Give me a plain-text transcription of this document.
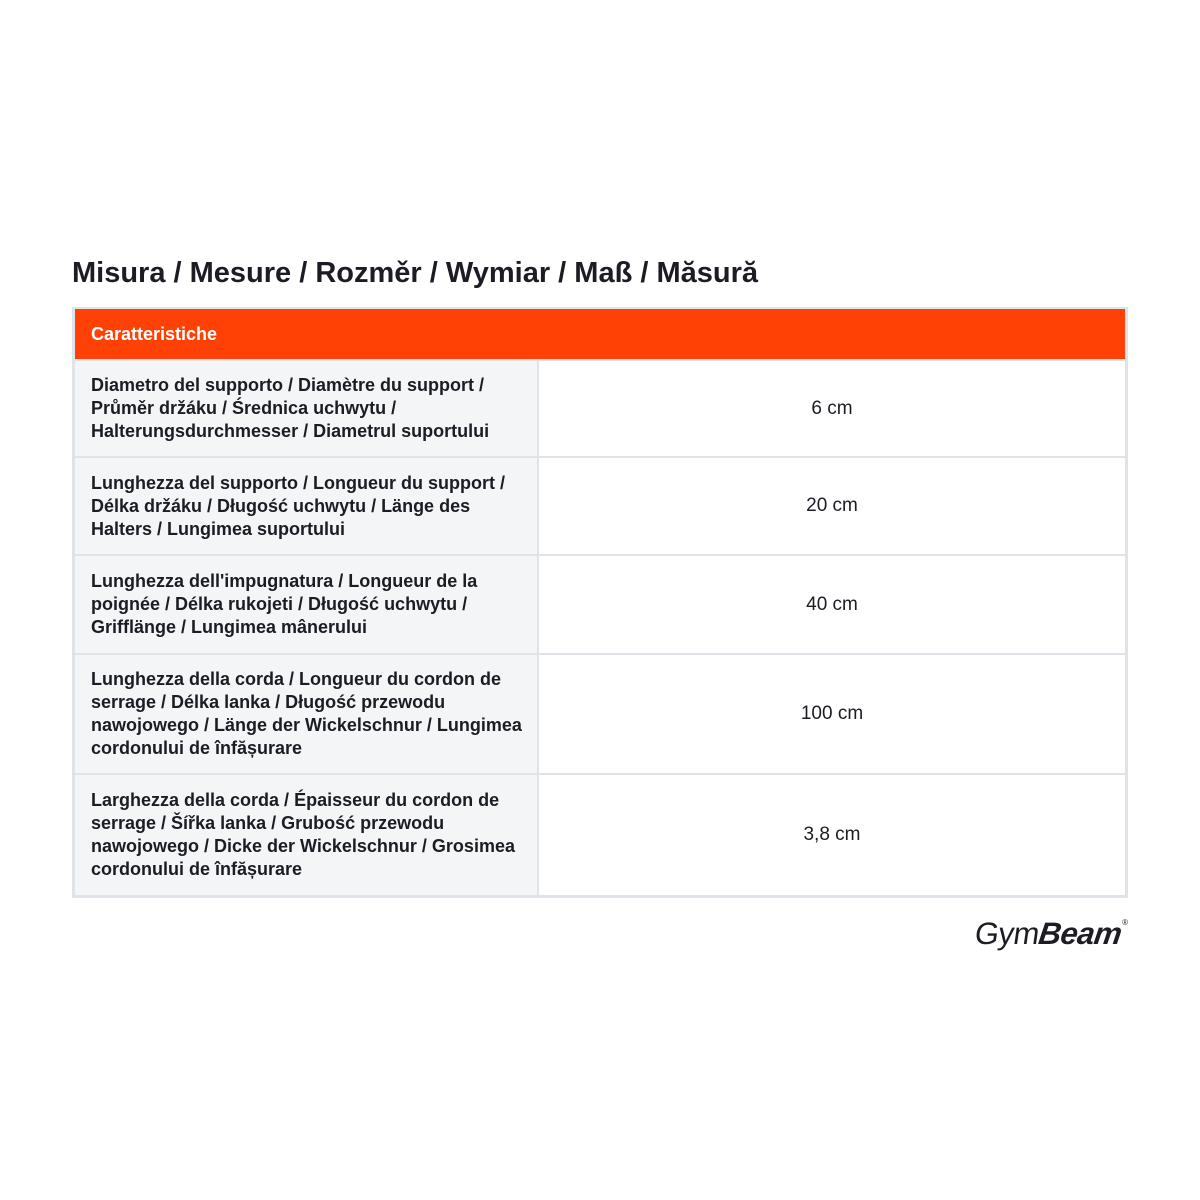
Misura / Mesure / Rozměr / Wymiar / Maß / Măsură
Caratteristiche	
Diametro del supporto / Diamètre du support / Průměr držáku / Średnica uchwytu / Halterungsdurchmesser / Diametrul suportului	6 cm
Lunghezza del supporto / Longueur du support / Délka držáku / Długość uchwytu / Länge des Halters / Lungimea suportului	20 cm
Lunghezza dell'impugnatura / Longueur de la poignée / Délka rukojeti / Długość uchwytu / Grifflänge / Lungimea mânerului	40 cm
Lunghezza della corda / Longueur du cordon de serrage / Délka lanka / Długość przewodu nawojowego / Länge der Wickelschnur / Lungimea cordonului de înfășurare	100 cm
Larghezza della corda / Épaisseur du cordon de serrage / Šířka lanka / Grubość przewodu nawojowego / Dicke der Wickelschnur / Grosimea cordonului de înfășurare	3,8 cm
GymBeam
®
